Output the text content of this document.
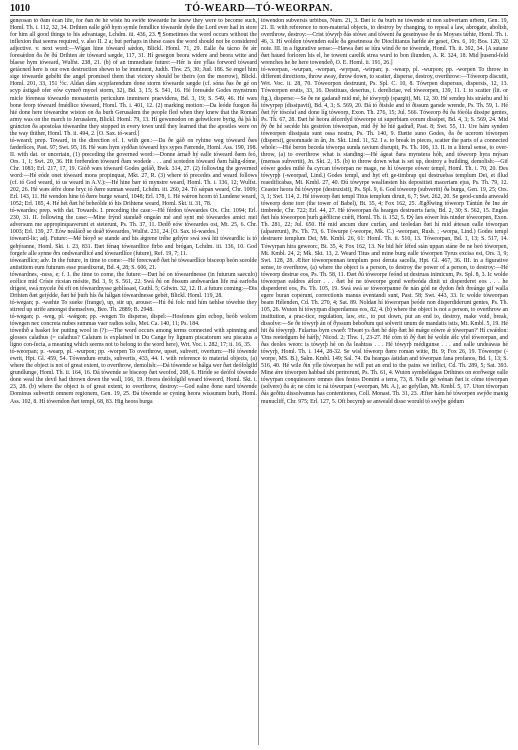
1010	TÓ-WEARD—TÓ-WEORPAN.

geneosan tó ðam écan life, for ðan ðe hé wiste hú swiðe tówearde he knew they were to become such, Homl. Th. i. 112, 32, 34. Drihten ealle góð hym symle femdlice tówearde dyde the Lord ever had in store for him all good things to his advantage, Lchdm. iii. 436, 23. ¶ Sometimes the word occurs without the inflexion that seems required, v. also II. 2 a; but perhaps in these cases the word should not be considered adjective. v. next word:—Wígan hine tóweard sǽdon, Blickl. Homl. 71, 29. Ealle ða tácno ðe ǽr foresǽdon ða ðe ðú Drihten ǽr tóweard sægde, 117, 31. Hí gesegon beora widere and beora witte and blaese hym tóweard, Wulfst. 238, 21. (b) of an immediate future:—Hér is úre yflas forword tóweard getácned here is our own destruction shewn to be imminent, Judth. Thw. 25, 30; Jud. 186. Se engel him sige tówearde gebéht the angel promised them that victory should be theirs (on the morrow), Blickl. Homl. 201, 33, 151 ½c. Aldan dám scypfarendum done storm tówearde sægde (cf. sóna ðas ðe gé on scyp ástigað ofer eów cymeð mycel storm, 32), Bd. 3, 15; S. 541, 16. Hé foresǽde Godes mynstrum micle fóreneas tóweardo monasteriis periculum imminere praevidens, Bd. 3, 19; S. 549, 46. Hé wæs bone feorp tóweard fmédlice tóweard, Homl. Th. i. 401, 12. (2) marking motion:—Da leóde fuogon ðá hié done here tóweardne wiston on ða burh Gerusalem the people fled when they knew that the Roman army was on the march to Jerusalem, Blickl. Homl. 79, 13. Hí gewunodon on gehwilcere byrig, ðá þá hí gráncton ða apostolas tóweardne they stopped in every town until they learned that the apostles were on the way thither, Homl. Th. ii. 494, 2. [O. Sax. tó-ward.]

tó-weard; prep. Toward, in the direction of. I. with gen.:—Da ðe gáð on ryhtne weg tóweard ðæs fæderlíces, Past. 97; Swt. 95, 18. Hé wæs hym sydðan tóweard hys sypes Færende, Homl. Ass. 190, 198. II. with dat. or uncertain, (1) preceding the governed word:—Donne árnað hý ealle tóweard ðæm feó, Ors. 1, 1; Swt. 20, 36. Hit forðendon tóweard ðam wodede . . . and scotedon tóweard ðam hálig-dóme, Chr. 1083; Erl. 217, 17, 19. Gióð wæs tóweard Godes geláð, Bwk. 314, 27. (2) following the governed word:—Hé eóde onet tóweard mons propinquat, Mkt. 27, R. (3) where tó precedes and weard follows (cf. tó God weard, tó us weard in A.V.):—Hé hine bær tó mynstre weard, Homl. Th. i. 136, 12; Wulfst. 202, 26. Hé wæs ǽfre done bryc tó ðære sunnan weard, Lchdm. iii. 260, 24. Tó sǽpan weard, Chr. 1009; Erl. 143, 11. Hé wendon hine tó ðære burge weard, 1048; Erl. 178, 1. Hé wǽron hcom tó Lundene weard, 1052; Erl. 185, 4. Hé hét ðæt hé beheólde tó his Drihtene weard, Homl. Skt. ii. 31, 78.

tó-weardes; prep. with dat. Towards. I. preceding the case:—Hé férdon tóweardes Ox. Chr. 1094; Erl. 230, 31. II. following the case:—Mine frýnd standað ongeán mé and synt mé tóweardes amici mei adversum me appropinquaverunt et steterunt, Ps. Th. 37, 11. Dedð eów tóweardes ost, Mt. 25, 6. Chr. 1003; Erl. 139, 27. Eów neálácð se deáð tóweardes, Wulfst. 231, 24. [O. Sax. tó-wardes.]

tóweard-lic; adj. Future:—Mé bíoyð se stande and his ǽgrene tréhe gehýre swá swá hit tóweardlic is tó gehýranne, Homl. Skt. i. 23, 831. Ðæt fénaq tóweardlice firbo and brógan, Lchdm. iii. 136, 10. God forgefe alle synne ðrs ondweardlicé and tóweardlíce (future), Ref. 19, 7; 11.

tóweardlíce; adv. In the future, in time to come:—Hé forecwæð ðæt hé tóweardlíce bisceop beón sceolde antistitem eum futurum esse praedixerat, Bd. 4, 28; S. 606, 21.

tóweardnes, -ness, e; f. I. the time to come, the future:—Ðæt hé on tóweardnesse (in futurum saeculo) ecélice mid Crísie rícsian mósite, Bd. 3, 9; S. 561, 22. Swá ðú on ðissum andweardan life má earfoða drígest, swá mycele ðú eft on tóweardnysse geblíssast, Guthl. 5; Gdwin. 32, 12. II. a future coming:—Ðis Drihten ðæt geiýdde, ðæt hé þurh hís ða hálgan tóweardnesse gebét, Blickl. Homl. 119, 28.

tó-wegan; p. -wæhte To sueke (frange), up, stir up, arouse:—Hú ðú folc mid hím tæhlse tówehte they stirred up strife amongst themselves, Beo. Th. 2889; B. 2948.

tó-wegan; p. -weg, pl. -wǽgon; pp. -wegen To disperse, dispel:—Hosfones gím ecbop, beób wolcen tówegen nec concreta nubes summas vaer radios solis, Met. Ca. 140, 11; Ps. 184.

tóweihð a basket for putting wool in (?):—The word occurs among terms connected with spinning and glosses calathus (= calathus? Calatum is explained in Du Cange by lignum piscatorum seu piscatus a ligno con-fecta, a meaning which seems not to belong to the word here), Wrt. Voc. i. 282, 17; ii. 16, 35.

tó-weorpan; p. -wearp, pl. -wurpon; pp. -worpen To overthrow, upset, subvert, overturn:—Hé tówende ewrit, Hpt. Gl. 459, 54. Tówendum erutis, subvertis, 433, 44. I. with reference to material objects, (a) where the object is not of great extent, to overthrow, demolish:—Ðá tówende se hálga wer ðæt deófolgild grundlunge, Homl. Th. ii. 164, 16. Ðá tówende se bisceop ðæt weofod, 208, 6. Hiríde se deófol tówende done weal the devil had thrown down the wall, 166, 19. Heora deófolgild weard tóweord, Homl. Skt. i. 23, 28. (b) where the object is of great extent, to overthrow, destroy:—God ealne ðone eard tówende Dominus subvertit omnem regionem, Gen. 19, 25. Ðá tówende se cyning heora wíssunum burh, Homl. Ass. 102, 8. Hí tówendon ðæt templ, 68, 83. Hig heora burga

tówendon subversis urbibus, Num. 21, 3. Ðæt ic ða burh ne tówende ut non subvertam urbem, Gen. 19, 21. II. with reference to non-material objects, to destroy by changing, to repeal a law, abrogate, abolish, overthrow, destroy:—Crist tówyrþ ðás stówe and tówent ða gesetnysse ðe ús Moyses tǽhte, Homl. Th. i. 46, 3. Hí woldon tówenden ealle ða gesetnessa ðe Dioclitianus hæfde ǽr geset, Ors. 6, 10; Bos. 120, 32 note. III. in a figurative sense:—Hæwa ðæt se iúra wind ðe ne tówende, Homl. Th. ii. 392, 34. [A sutane ðæt haued forloren his el, he towent carelik strea wurd to bon iliunden, A. R. 324, 18. Mid þusend-feld wrenches he he here towendeð, O. E. Homl. ii. 191, 26.]

tó-weorpan, -wurpan, -worpan, -wyrpan, -wirpan; p. -wearp, pl. -wurpon; pp. -worpen To throw in different directions, throw away, throw down, to scatter, disperse, destroy, overthrow:—Tóweorp discutit, Wrt. Voc. ii. 28, 70. Tóweorpon destruunt, Ps. Spl. C. 10, 8. Tówrpen dispersus, dispersis, 12, 13. Tóweorpen erutis, 33, 16. Destituas, deserius, i. derelictae, vel tóweorpen, 139, 11. I. to scatter (lit. or fig.), disperse:—Se ðe ne gadarað mid mé, hé tówyrpþ (spargit), Mt. 12, 30. Hé sendep his stráehu and hí tówyrpep (dissipavit), Bd. 4, 3; S. 569, 20. Ðá tó ðisisle and tó ðissum garsde wrende, Ps. Th. 59, 1. Hé ðæt fýr tóscéaf and done líg tóweorp, Exon. Th. 276, 15; Jul. 566. Tóweorp ðú ða fóeóla dissipe gentes, Ps. Th. 67, 28. Ðæt hé heora ǽlcerdyd tóweorpe ut superbiam eorum dissipet, Bd. 4, 3; S. 569, 24. Mid ðý ðe hé secéde his gestréon tóweorpan, mid ðý hé hié gadrað, Past. 8; Swt. 55, 11. Ure hám synden tóweorpen dissipata sunt ossa nostra, Ps. Th. 140, 9. Ðætte suno Godes, ða ðe ucerom tóworpen (dispersi), gesomnade in ân, Jn. Skt. Lind. 11, 52. I a. to break in pieces, scatter the parts of a connected whole:—Hié beron beceda tóworpa sunda ravium disrupit, Ps. Th. 106, 13. II. in a literal sense, to over-throw, (a) to overthrow what is standing:—Hé ágeat ðara mynstera hóh, and tóweorp hyra mýsan (mensas subvertit), Jn. Skt. 2, 15. (b) to throw down what is set up, destroy a building, demolish:—Gif eówer godes mihé ða cyrcan tóworpan ne mage, ne hí tówerpe eówer templ, Homl. Th. i. 70, 20. Ðes tówyrpþ (-weorpad, Lind.) Godes templ, and hyt eft ge-timbrap qui destruebas templum Dei, et illud reaedificabas, Mt. Kmbl. 27, 40. Ðú tówyrpe wealfæsten his depositisti maceriam ejus, Ps. Th. 79, 12. Ceaster heora ðú tówyrpe (destruxisti), Ps. Spl. 9, 6. God tóweorp (subvertit) ða burga, Gen. 19, 25; Ors. 3, 1; Swt. 114, 2. Hé tóweorp ðæt templ Titus templum diruit, 6, 7; Swt. 262, 20. Se geod-cunda anweald tóweorp done torr (the tower of Babel), Bt. 35, 4; Fox 162, 25. Ægðlwing tóweorp Tántún ðe Ine ǽr timbrede, Chr. 722; Erl. 44, 27. Hé tóweorpan ða hearges destruerts faris, Bd. 2, 30; S. 562, 15. Englas ðæt hús tóweorpon þurh gǽðlicne crǽft, Homl. Th. ii. 152, 5. Ðý læs eówer hús ninder tóweorpen, Exon. Th. 281, 22; Jul. 650. Hé mid ancum dure curfan, and teoledan ðæt hí mid ǽtesan ealle tóworpan (alparerunt), Ps. Th. 73, 6. Tówurpe (-weorpe, Mk. C.) -weorpan, Rush. ; -worpa, Lind.) Godes templ destruere templum Dei, Mt. Kmbl. 26, 61: Homl. Th. ii. 510, 13. Tóweorpan, Bd. 1, 13; S. 517, 14. Tówyrpan hira geweorc, Bt. 35, 4; Fox 162, 13. Ne bid hér léfed stán uppan stáne ðe ne beó tóworpen, Mt. Kmbl. 24, 2; Mk. Skt. 13, 2. Weard Titus and mine burg ealle tóworpen Tyrus excisa est, Ors. 3, 9; Swt. 128, 28. Æfter tóweorpennan templum post deruta sacella, Hpt. Gl. 467, 36. III. in a figurative sense, to overthrow, (a) where the object is a person, to destroy the power of a person, to destroy:—Hé tóweorp destrue eos, Ps. Th. 58, 11. Ðæt ðú tóweorpe feónd ut destruas inimicum, Ps. Spl. 8, 3. Ic wolde tóweorpan ealdres ǽlcer . . . ðæt hé ne tóweorpe gond werbeóda dinit ut disperderet eos . . . he disperderet eos, Ps. Th. 105, 19. Swá swá se tóweorpanne ðe nán gód ne dydon ðeh ðreánge gif walla egere buran coperunt, correctionis manus eventandi sunt, Past. 58; Swt. 443, 33. Ic wolde tóweorpan beam Hélenden, Cd. Th. 270, 4; Sat. 89. Noldan hí tóweorpan þeóde non disperdiderunt gentes, Ps. Th. 105, 26. Wuton hí tówyrpan disperdamus eos, 82, 4. (b) where the object is not a person, to overthrow an institution, a prac-tice, regulation, law, etc., to put down, put an end to, destroy, make void, break, dissolve:—Se ðe tówyrþ án of ðyssum beboðum qui solverit unum de mandatis istis, Mt. Kmbl. 5, 19. Hé hit ðá tówyrpþ. Fulartus bym cwæð: 'Hwæt ys ðæt hé dép ðæt hé mǽge eówre ǽ tówerpan?' Hí cwǽdon: 'Ons reetedgum hé hǽfþ,' Nicod. 2; Thw. 1, 23-27. Hé cóm tó ðý ðæt hé wolde ǽlc yfel tóweorpan, and ðas deoles weorc is tówyrþ hé on ða leahtras . . . Hé tówyrþ médigunse . . . and ealle undeawas hé tówyrþ, Homl. Th. i. 144, 28-32. Se wisl tóweorp ðære roman witte, Bt. 9; Fox 26, 19. Tóweorpe (-worpe, MS. B.), Salm. Kmbl. 149; Sal. 74. Ða heargas ástidan and tóworpan fana profanos, Bd. 1, 13; S. 516, 40. Hé wile ðin yfle tóworpan he will put an end to the pains we inflict, Cd. Th. 289, 5; Sat. 393. Mine ǽre tóworpen habbad ubi perirerunt, Ps. Th. 61, 4. Wuton symbeldagas Drihtnes on eorðwege ealle tówyrpan conquiescere omnes dies festos Domini a terra, 73, 8. Nelle gé wénan ðæt ic cóme tóworpan (solvere) ða ǽ; ne cóm ic ná tówurpan (-weorpan, Mt. A.), ac gefyllan, Mt. Kmbl. 5, 17. Uton tóworpan ðás geðitu dissolvamus has contentiones, Coll. Monast. Th. 31, 23. Æfter hám hé tóworpen swýðe manig munucliff, Chr. 975; Erl. 127, 5. Oft becymþ se anweald disse woruld tó swýþe gódum
